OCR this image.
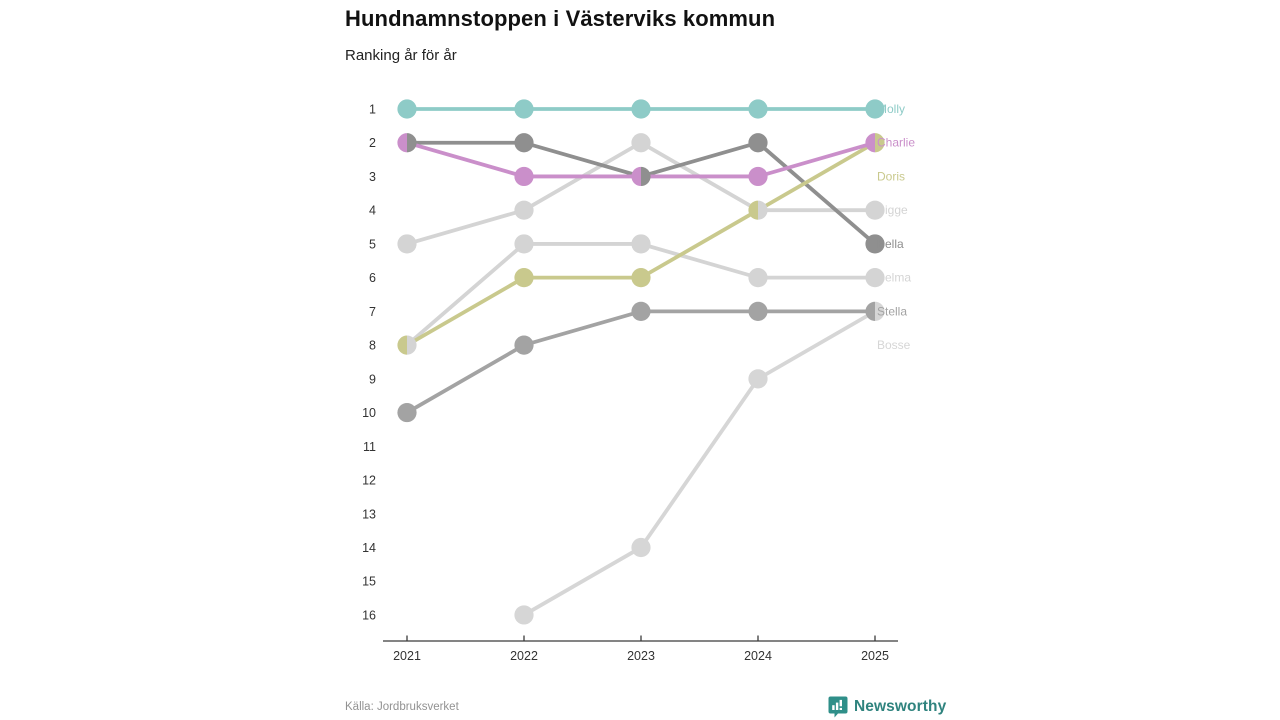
Hundnamnstoppen i Västerviks kommun
Ranking år för år
1
2
3
4
5
6
7
8
9
10
11
12
13
14
15
16
2021	2022	2023	2024	2025
Molly
Charlie
Doris
Sigge
Bella
Selma
Stella
Bosse
Källa: Jordbruksverket	Newsworthy
